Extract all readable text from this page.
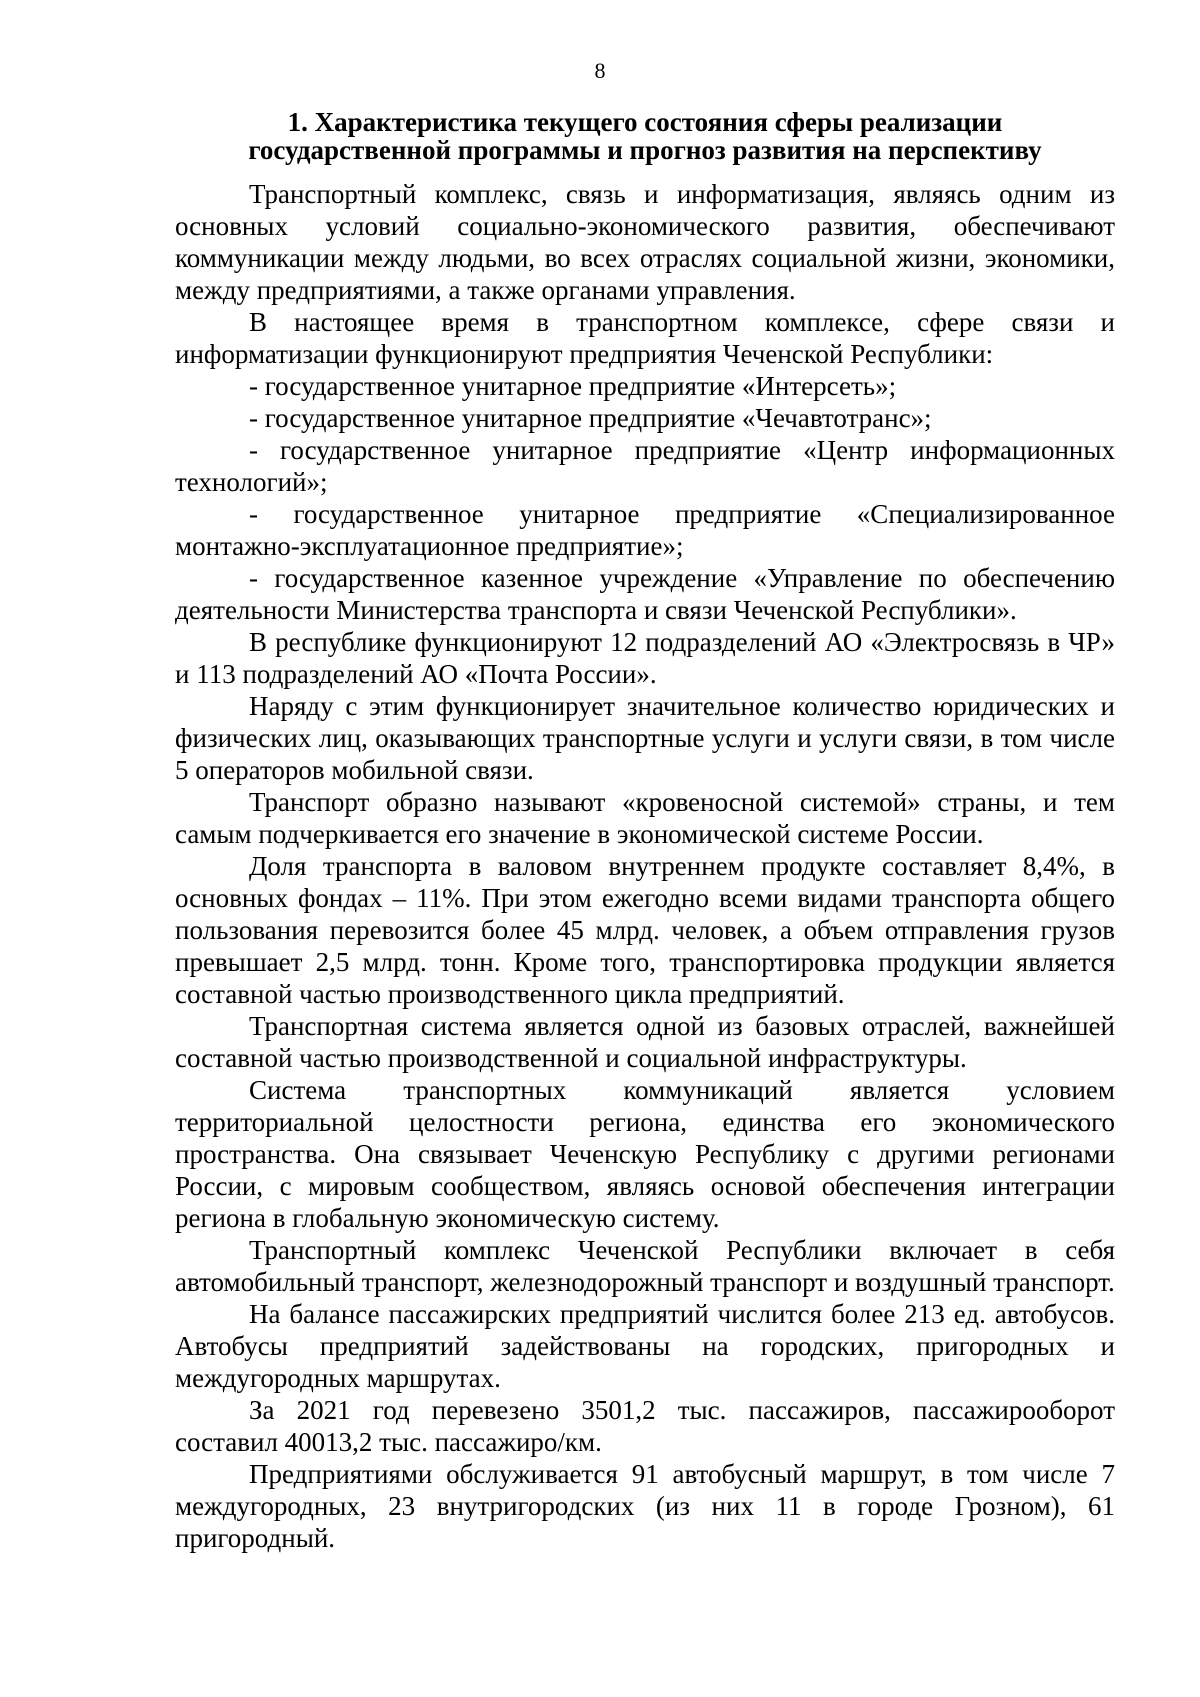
8
1. Характеристика текущего состояния сферы реализации
государственной программы и прогноз развития на перспективу

Транспортный комплекс, связь и информатизация, являясь одним из основных условий социально-экономического развития, обеспечивают коммуникации между людьми, во всех отраслях социальной жизни, экономики, между предприятиями, а также органами управления.

В настоящее время в транспортном комплексе, сфере связи и информатизации функционируют предприятия Чеченской Республики:

- государственное унитарное предприятие «Интерсеть»;

- государственное унитарное предприятие «Чечавтотранс»;

- государственное унитарное предприятие «Центр информационных технологий»;

- государственное унитарное предприятие «Специализированное монтажно-эксплуатационное предприятие»;

- государственное казенное учреждение «Управление по обеспечению деятельности Министерства транспорта и связи Чеченской Республики».

В республике функционируют 12 подразделений АО «Электросвязь в ЧР» и 113 подразделений АО «Почта России».

Наряду с этим функционирует значительное количество юридических и физических лиц, оказывающих транспортные услуги и услуги связи, в том числе 5 операторов мобильной связи.

Транспорт образно называют «кровеносной системой» страны, и тем самым подчеркивается его значение в экономической системе России.

Доля транспорта в валовом внутреннем продукте составляет 8,4%, в основных фондах – 11%. При этом ежегодно всеми видами транспорта общего пользования перевозится более 45 млрд. человек, а объем отправления грузов превышает 2,5 млрд. тонн. Кроме того, транспортировка продукции является составной частью производственного цикла предприятий.

Транспортная система является одной из базовых отраслей, важнейшей составной частью производственной и социальной инфраструктуры.

Система транспортных коммуникаций является условием территориальной целостности региона, единства его экономического пространства. Она связывает Чеченскую Республику с другими регионами России, с мировым сообществом, являясь основой обеспечения интеграции региона в глобальную экономическую систему.

Транспортный комплекс Чеченской Республики включает в себя автомобильный транспорт, железнодорожный транспорт и воздушный транспорт.

На балансе пассажирских предприятий числится более 213 ед. автобусов. Автобусы предприятий задействованы на городских, пригородных и междугородных маршрутах.

За 2021 год перевезено 3501,2 тыс. пассажиров, пассажирооборот составил 40013,2 тыс. пассажиро/км.

Предприятиями обслуживается 91 автобусный маршрут, в том числе 7 междугородных, 23 внутригородских (из них 11 в городе Грозном), 61 пригородный.
